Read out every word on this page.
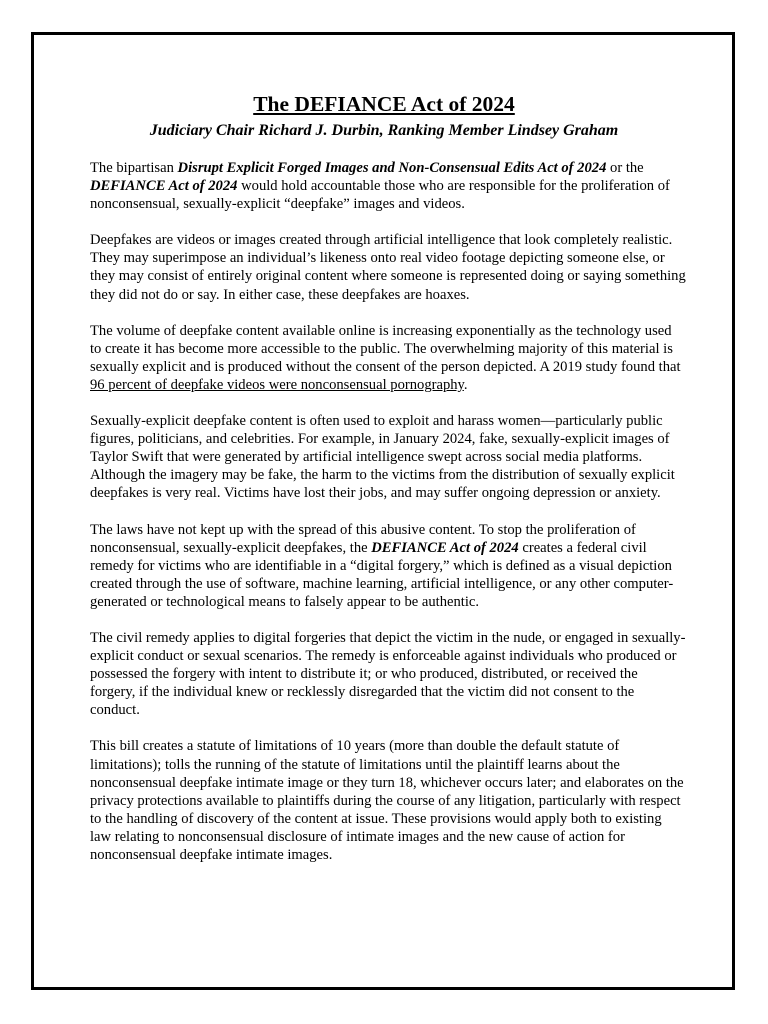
The DEFIANCE Act of 2024
Judiciary Chair Richard J. Durbin, Ranking Member Lindsey Graham

The bipartisan Disrupt Explicit Forged Images and Non-Consensual Edits Act of 2024 or the DEFIANCE Act of 2024 would hold accountable those who are responsible for the proliferation of nonconsensual, sexually-explicit “deepfake” images and videos.

Deepfakes are videos or images created through artificial intelligence that look completely realistic. They may superimpose an individual’s likeness onto real video footage depicting someone else, or they may consist of entirely original content where someone is represented doing or saying something they did not do or say. In either case, these deepfakes are hoaxes.

The volume of deepfake content available online is increasing exponentially as the technology used to create it has become more accessible to the public. The overwhelming majority of this material is sexually explicit and is produced without the consent of the person depicted. A 2019 study found that 96 percent of deepfake videos were nonconsensual pornography.

Sexually-explicit deepfake content is often used to exploit and harass women—particularly public figures, politicians, and celebrities. For example, in January 2024, fake, sexually-explicit images of Taylor Swift that were generated by artificial intelligence swept across social media platforms. Although the imagery may be fake, the harm to the victims from the distribution of sexually explicit deepfakes is very real. Victims have lost their jobs, and may suffer ongoing depression or anxiety.

The laws have not kept up with the spread of this abusive content. To stop the proliferation of nonconsensual, sexually-explicit deepfakes, the DEFIANCE Act of 2024 creates a federal civil remedy for victims who are identifiable in a “digital forgery,” which is defined as a visual depiction created through the use of software, machine learning, artificial intelligence, or any other computer-generated or technological means to falsely appear to be authentic.

The civil remedy applies to digital forgeries that depict the victim in the nude, or engaged in sexually-explicit conduct or sexual scenarios. The remedy is enforceable against individuals who produced or possessed the forgery with intent to distribute it; or who produced, distributed, or received the forgery, if the individual knew or recklessly disregarded that the victim did not consent to the conduct.

This bill creates a statute of limitations of 10 years (more than double the default statute of limitations); tolls the running of the statute of limitations until the plaintiff learns about the nonconsensual deepfake intimate image or they turn 18, whichever occurs later; and elaborates on the privacy protections available to plaintiffs during the course of any litigation, particularly with respect to the handling of discovery of the content at issue. These provisions would apply both to existing law relating to nonconsensual disclosure of intimate images and the new cause of action for nonconsensual deepfake intimate images.
